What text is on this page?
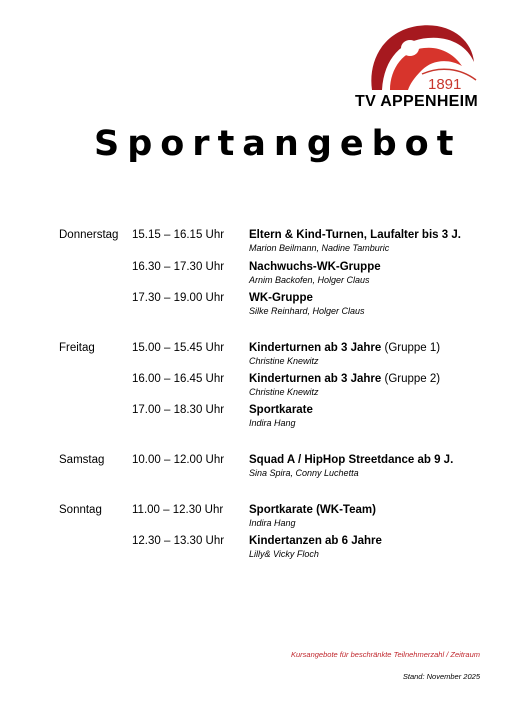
1891
TV APPENHEIM
Sportangebot
Donnerstag 15.15 – 16.15 Uhr Eltern & Kind-Turnen, Laufalter bis 3 J.
Marion Beilmann, Nadine Tamburic
16.30 – 17.30 Uhr Nachwuchs-WK-Gruppe
Arnim Backofen, Holger Claus
17.30 – 19.00 Uhr WK-Gruppe
Silke Reinhard, Holger Claus
Freitag	15.00 – 15.45 Uhr Kinderturnen ab 3 Jahre (Gruppe 1)
Christine Knewitz
16.00 – 16.45 Uhr Kinderturnen ab 3 Jahre (Gruppe 2)
Christine Knewitz
17.00 – 18.30 Uhr Sportkarate
Indira Hang
Samstag 10.00 – 12.00 Uhr Squad A / HipHop Streetdance ab 9 J.
Sina Spira, Conny Luchetta
Sonntag	11.00 – 12.30 Uhr Sportkarate (WK-Team)
Indira Hang
12.30 – 13.30 Uhr Kindertanzen ab 6 Jahre
Lilly& Vicky Floch
Kursangebote für beschränkte Teilnehmerzahl / Zeitraum
Stand: November 2025
